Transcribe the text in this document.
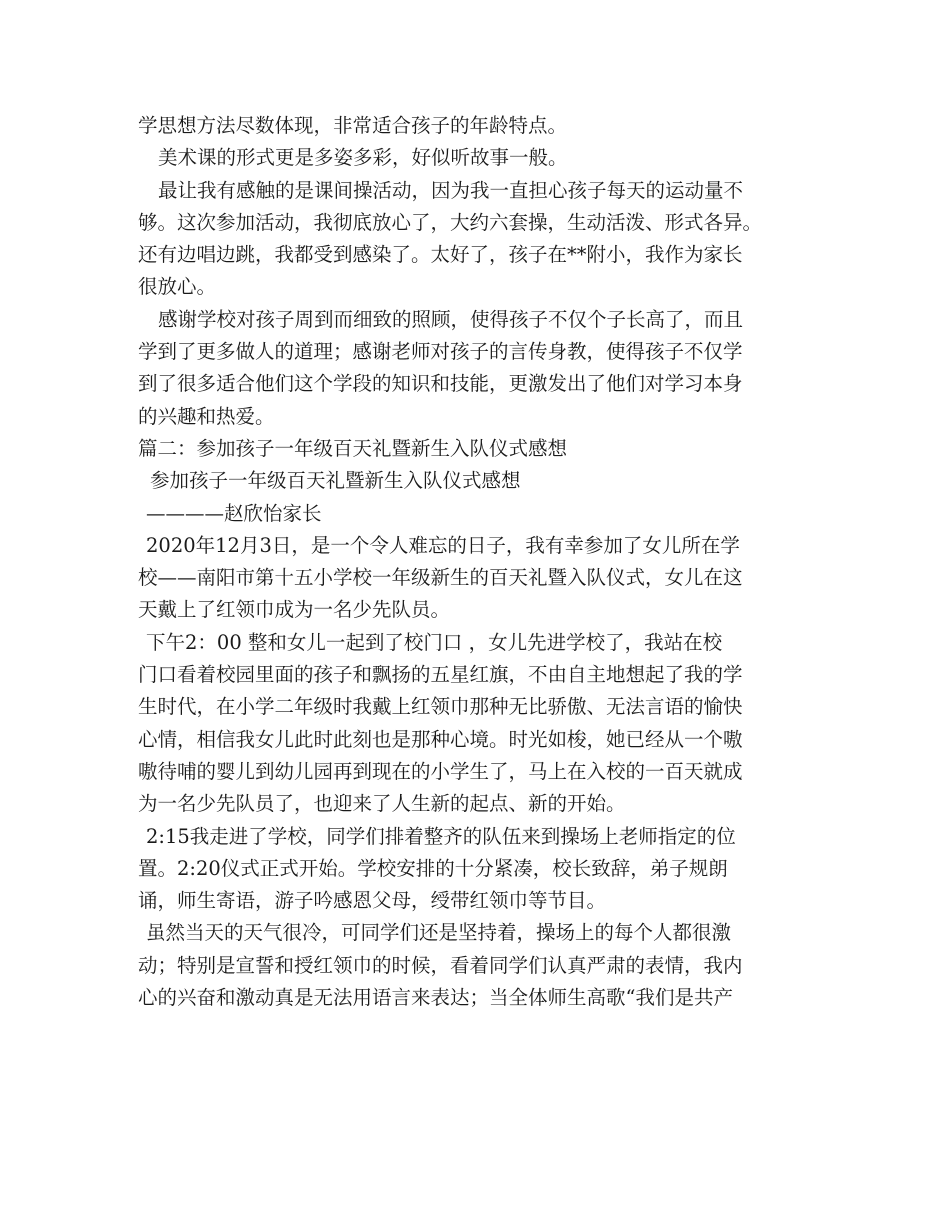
学思想方法尽数体现，非常适合孩子的年龄特点。
美术课的形式更是多姿多彩，好似听故事一般。
最让我有感触的是课间操活动，因为我一直担心孩子每天的运动量不
够。这次参加活动，我彻底放心了，大约六套操，生动活泼、形式各异。
还有边唱边跳，我都受到感染了。太好了，孩子在**附小，我作为家长
很放心。
感谢学校对孩子周到而细致的照顾，使得孩子不仅个子长高了，而且
学到了更多做人的道理；感谢老师对孩子的言传身教，使得孩子不仅学
到了很多适合他们这个学段的知识和技能，更激发出了他们对学习本身
的兴趣和热爱。
篇二：参加孩子一年级百天礼暨新生入队仪式感想
参加孩子一年级百天礼暨新生入队仪式感想
————赵欣怡家长
2020年12月3日，是一个令人难忘的日子，我有幸参加了女儿所在学
校——南阳市第十五小学校一年级新生的百天礼暨入队仪式，女儿在这
天戴上了红领巾成为一名少先队员。
下午2：00 整和女儿一起到了校门口 ，女儿先进学校了，我站在校
门口看着校园里面的孩子和飘扬的五星红旗，不由自主地想起了我的学
生时代，在小学二年级时我戴上红领巾那种无比骄傲、无法言语的愉快
心情，相信我女儿此时此刻也是那种心境。时光如梭，她已经从一个嗷
嗷待哺的婴儿到幼儿园再到现在的小学生了，马上在入校的一百天就成
为一名少先队员了，也迎来了人生新的起点、新的开始。
2:15我走进了学校，同学们排着整齐的队伍来到操场上老师指定的位
置。2:20仪式正式开始。学校安排的十分紧凑，校长致辞，弟子规朗
诵，师生寄语，游子吟感恩父母，绶带红领巾等节目。
虽然当天的天气很冷，可同学们还是坚持着，操场上的每个人都很激
动；特别是宣誓和授红领巾的时候，看着同学们认真严肃的表情，我内
心的兴奋和激动真是无法用语言来表达；当全体师生高歌“我们是共产
